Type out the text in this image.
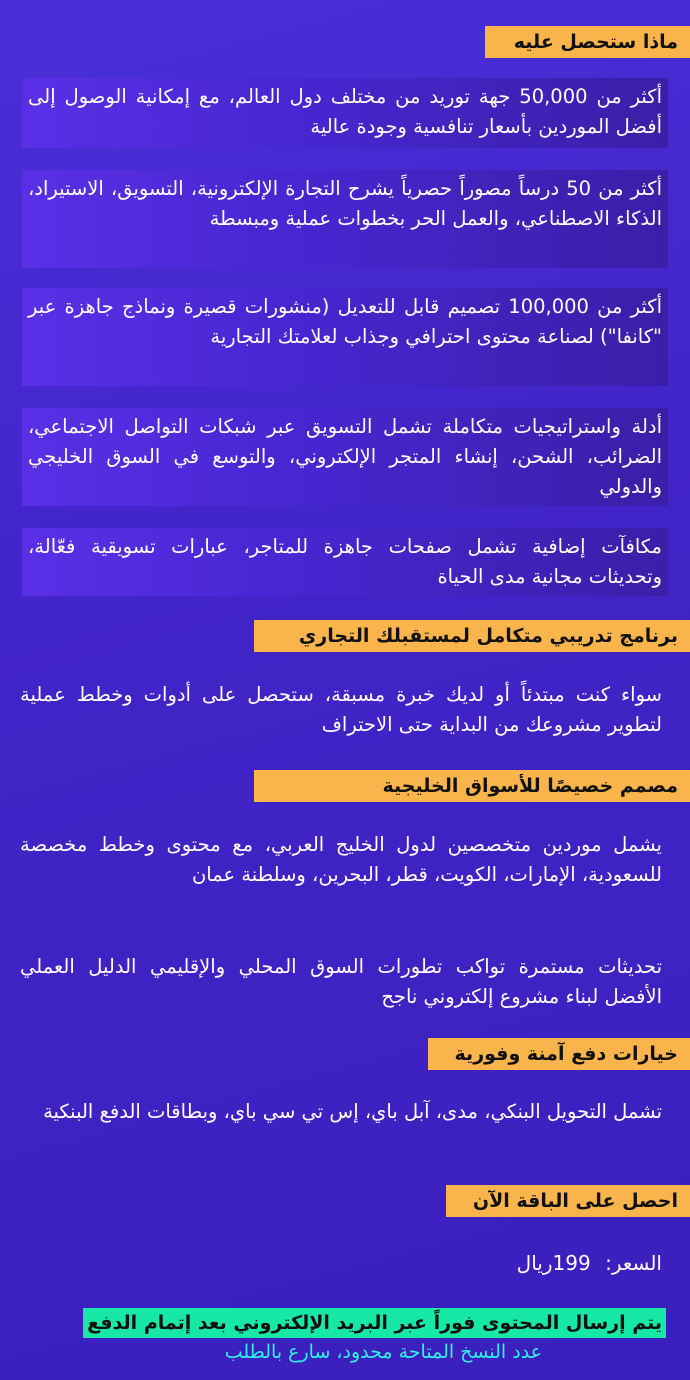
ماذا ستحصل عليه
أكثر من 50,000 جهة توريد من مختلف دول العالم، مع إمكانية الوصول إلى أفضل الموردين بأسعار تنافسية وجودة عالية
أكثر من 50 درساً مصوراً حصرياً يشرح التجارة الإلكترونية، التسويق، الاستيراد، الذكاء الاصطناعي، والعمل الحر بخطوات عملية ومبسطة
أكثر من 100,000 تصميم قابل للتعديل (منشورات قصيرة ونماذج جاهزة عبر "كانفا") لصناعة محتوى احترافي وجذاب لعلامتك التجارية
أدلة واستراتيجيات متكاملة تشمل التسويق عبر شبكات التواصل الاجتماعي، الضرائب، الشحن، إنشاء المتجر الإلكتروني، والتوسع في السوق الخليجي والدولي
مكافآت إضافية تشمل صفحات جاهزة للمتاجر، عبارات تسويقية فعّالة، وتحديثات مجانية مدى الحياة
برنامج تدريبي متكامل لمستقبلك التجاري
سواء كنت مبتدئاً أو لديك خبرة مسبقة، ستحصل على أدوات وخطط عملية لتطوير مشروعك من البداية حتى الاحتراف
مصمم خصيصًا للأسواق الخليجية
يشمل موردين متخصصين لدول الخليج العربي، مع محتوى وخطط مخصصة للسعودية، الإمارات، الكويت، قطر، البحرين، وسلطنة عمان
تحديثات مستمرة تواكب تطورات السوق المحلي والإقليمي الدليل العملي الأفضل لبناء مشروع إلكتروني ناجح
خيارات دفع آمنة وفورية
تشمل التحويل البنكي، مدى، آبل باي، إس تي سي باي، وبطاقات الدفع البنكية
احصل على الباقة الآن
السعر: 199ريال
يتم إرسال المحتوى فوراً عبر البريد الإلكتروني بعد إتمام الدفع
عدد النسخ المتاحة محدود، سارع بالطلب
